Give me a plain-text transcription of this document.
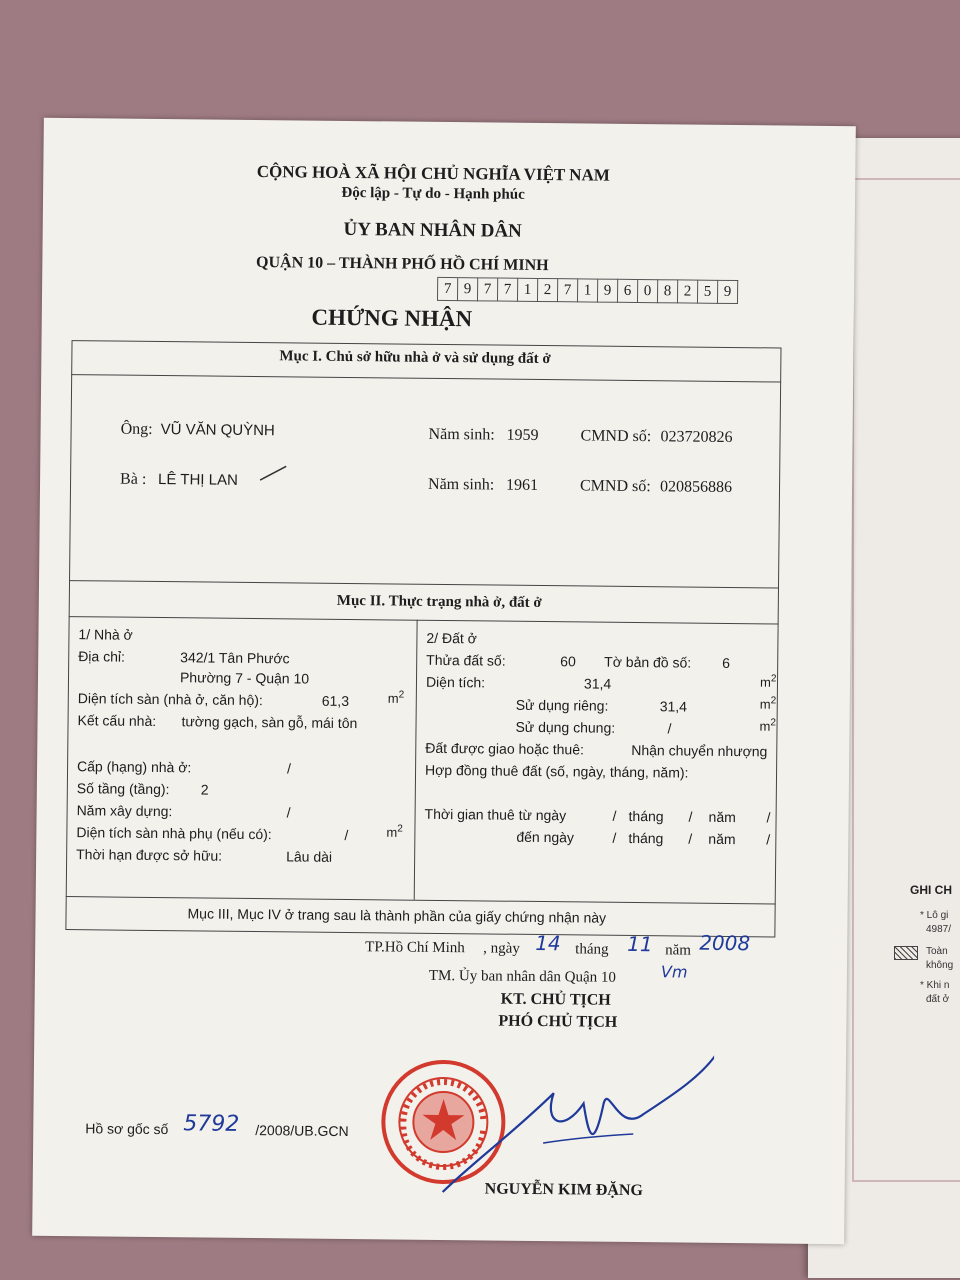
GHI CH
* Lô gi
4987/
Toàn
không
* Khi n
đất ở
CỘNG HOÀ XÃ HỘI CHỦ NGHĨA VIỆT NAM
Độc lập - Tự do - Hạnh phúc
ỦY BAN NHÂN DÂN
QUẬN 10 – THÀNH PHỐ HỒ CHÍ MINH
7 9 7 7 1 2 7 1 9 6 0 8 2 5 9
CHỨNG NHẬN
Mục I. Chủ sở hữu nhà ở và sử dụng đất ở
Ông: VŨ VĂN QUỲNH	Năm sinh: 1959	CMND số: 023720826
Bà : LÊ THỊ LAN	Năm sinh: 1961	CMND số: 020856886
Mục II. Thực trạng nhà ở, đất ở
1/ Nhà ở
Địa chỉ:	342/1 Tân Phước
Phường 7 - Quận 10
Diện tích sàn (nhà ở, căn hộ):	61,3	$m^2$
Kết cấu nhà: tường gạch, sàn gỗ, mái tôn
Cấp (hạng) nhà ở:	/
Số tầng (tầng): 2
Năm xây dựng:	/
Diện tích sàn nhà phụ (nếu có):	/	$m^2$
Thời hạn được sở hữu:	Lâu dài
2/ Đất ở
Thửa đất số:	60 Tờ bản đồ số: 6
Diện tích:	31,4	$m^2$
Sử dụng riêng:	31,4	$m^2$
Sử dụng chung:	/	$m^2$
Đất được giao hoặc thuê:	Nhận chuyển nhượng
Hợp đồng thuê đất (số, ngày, tháng, năm):
Thời gian thuê từ ngày	/ tháng / năm /
đến ngày	/ tháng / năm /
Mục III, Mục IV ở trang sau là thành phần của giấy chứng nhận này
TP.Hồ Chí Minh , ngày 14 tháng 11 năm 2008
TM. Ủy ban nhân dân Quận 10	Vm
KT. CHỦ TỊCH
PHÓ CHỦ TỊCH
NGUYỄN KIM ĐẶNG
Hồ sơ gốc số 5792 /2008/UB.GCN
